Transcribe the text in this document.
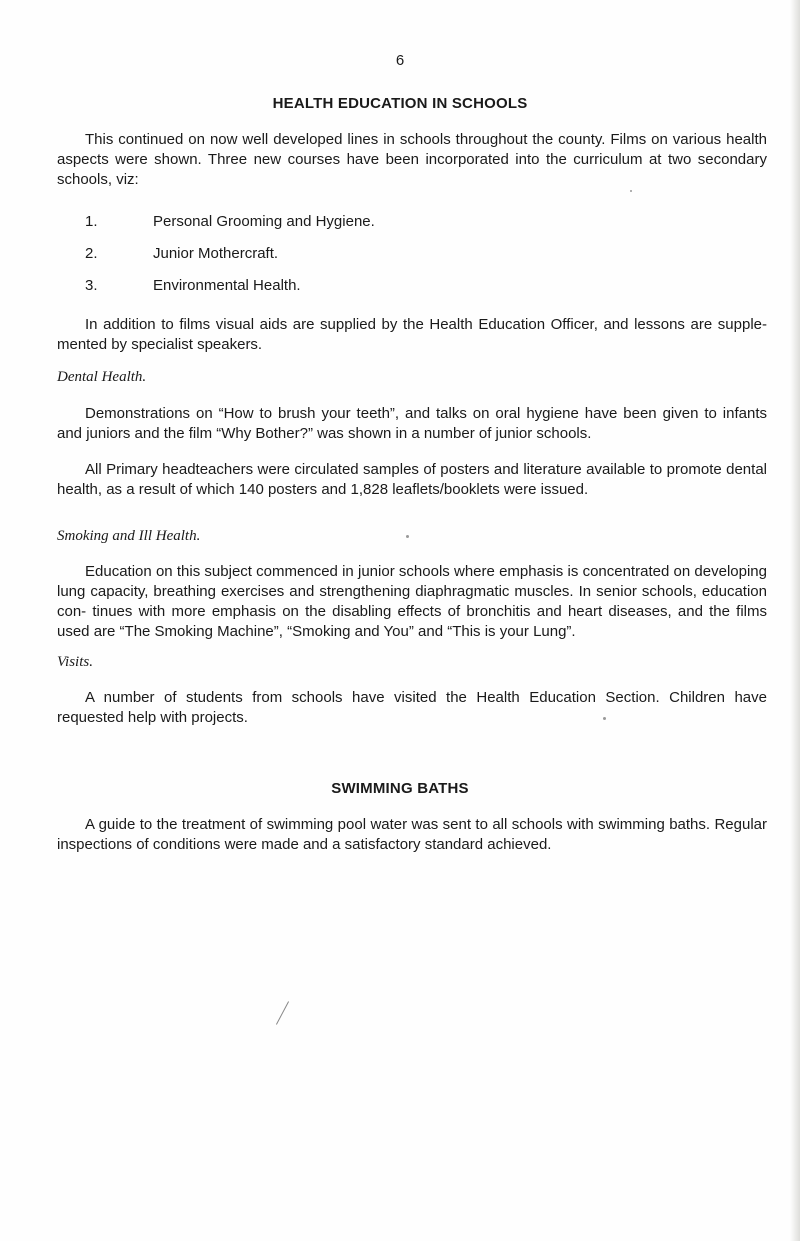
6
HEALTH EDUCATION IN SCHOOLS
This continued on now well developed lines in schools throughout the county. Films on various health aspects were shown. Three new courses have been incorporated into the curriculum at two secondary schools, viz:
1.	Personal Grooming and Hygiene.
2.	Junior Mothercraft.
3.	Environmental Health.
In addition to films visual aids are supplied by the Health Education Officer, and lessons are supple- mented by specialist speakers.
Dental Health.
Demonstrations on “How to brush your teeth”, and talks on oral hygiene have been given to infants and juniors and the film “Why Bother?” was shown in a number of junior schools.
All Primary headteachers were circulated samples of posters and literature available to promote dental health, as a result of which 140 posters and 1,828 leaflets/booklets were issued.
Smoking and Ill Health.
Education on this subject commenced in junior schools where emphasis is concentrated on developing lung capacity, breathing exercises and strengthening diaphragmatic muscles. In senior schools, education con- tinues with more emphasis on the disabling effects of bronchitis and heart diseases, and the films used are “The Smoking Machine”, “Smoking and You” and “This is your Lung”.
Visits.
A number of students from schools have visited the Health Education Section. Children have requested help with projects.
SWIMMING BATHS
A guide to the treatment of swimming pool water was sent to all schools with swimming baths. Regular inspections of conditions were made and a satisfactory standard achieved.
